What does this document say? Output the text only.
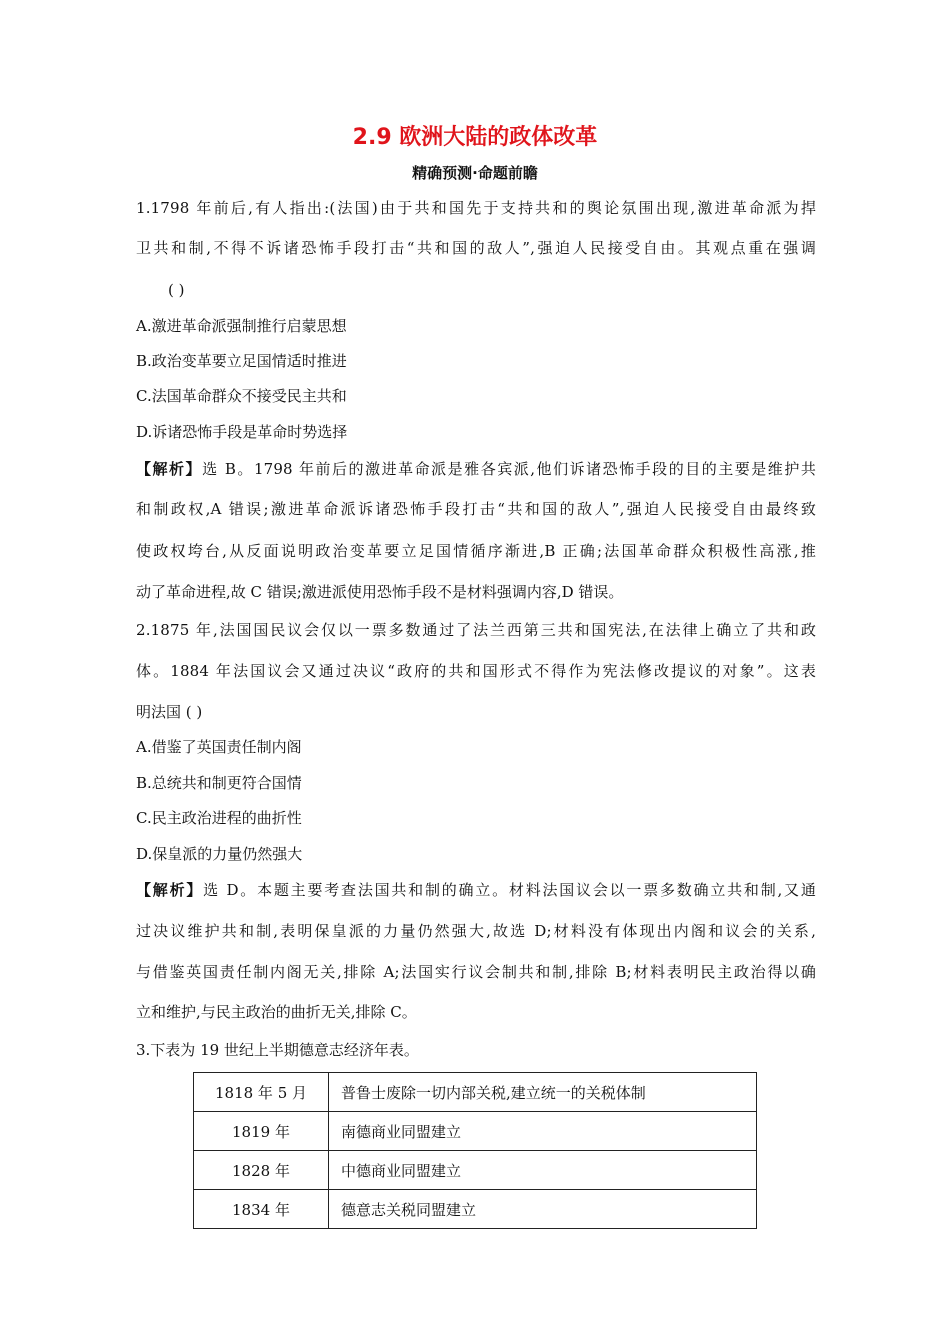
2.9 欧洲大陆的政体改革
精确预测·命题前瞻
1.1798 年前后,有人指出:(法国)由于共和国先于支持共和的舆论氛围出现,激进革命派为捍
卫共和制,不得不诉诸恐怖手段打击“共和国的敌人”,强迫人民接受自由。其观点重在强调
( )
A.激进革命派强制推行启蒙思想
B.政治变革要立足国情适时推进
C.法国革命群众不接受民主共和
D.诉诸恐怖手段是革命时势选择
【解析】选 B。1798 年前后的激进革命派是雅各宾派,他们诉诸恐怖手段的目的主要是维护共
和制政权,A 错误;激进革命派诉诸恐怖手段打击“共和国的敌人”,强迫人民接受自由最终致
使政权垮台,从反面说明政治变革要立足国情循序渐进,B 正确;法国革命群众积极性高涨,推
动了革命进程,故 C 错误;激进派使用恐怖手段不是材料强调内容,D 错误。
2.1875 年,法国国民议会仅以一票多数通过了法兰西第三共和国宪法,在法律上确立了共和政
体。1884 年法国议会又通过决议“政府的共和国形式不得作为宪法修改提议的对象”。这表
明法国 ( )
A.借鉴了英国责任制内阁
B.总统共和制更符合国情
C.民主政治进程的曲折性
D.保皇派的力量仍然强大
【解析】选 D。本题主要考查法国共和制的确立。材料法国议会以一票多数确立共和制,又通
过决议维护共和制,表明保皇派的力量仍然强大,故选 D;材料没有体现出内阁和议会的关系,
与借鉴英国责任制内阁无关,排除 A;法国实行议会制共和制,排除 B;材料表明民主政治得以确
立和维护,与民主政治的曲折无关,排除 C。
3.下表为 19 世纪上半期德意志经济年表。
1818 年 5 月	普鲁士废除一切内部关税,建立统一的关税体制
1819 年	南德商业同盟建立
1828 年	中德商业同盟建立
1834 年	德意志关税同盟建立
